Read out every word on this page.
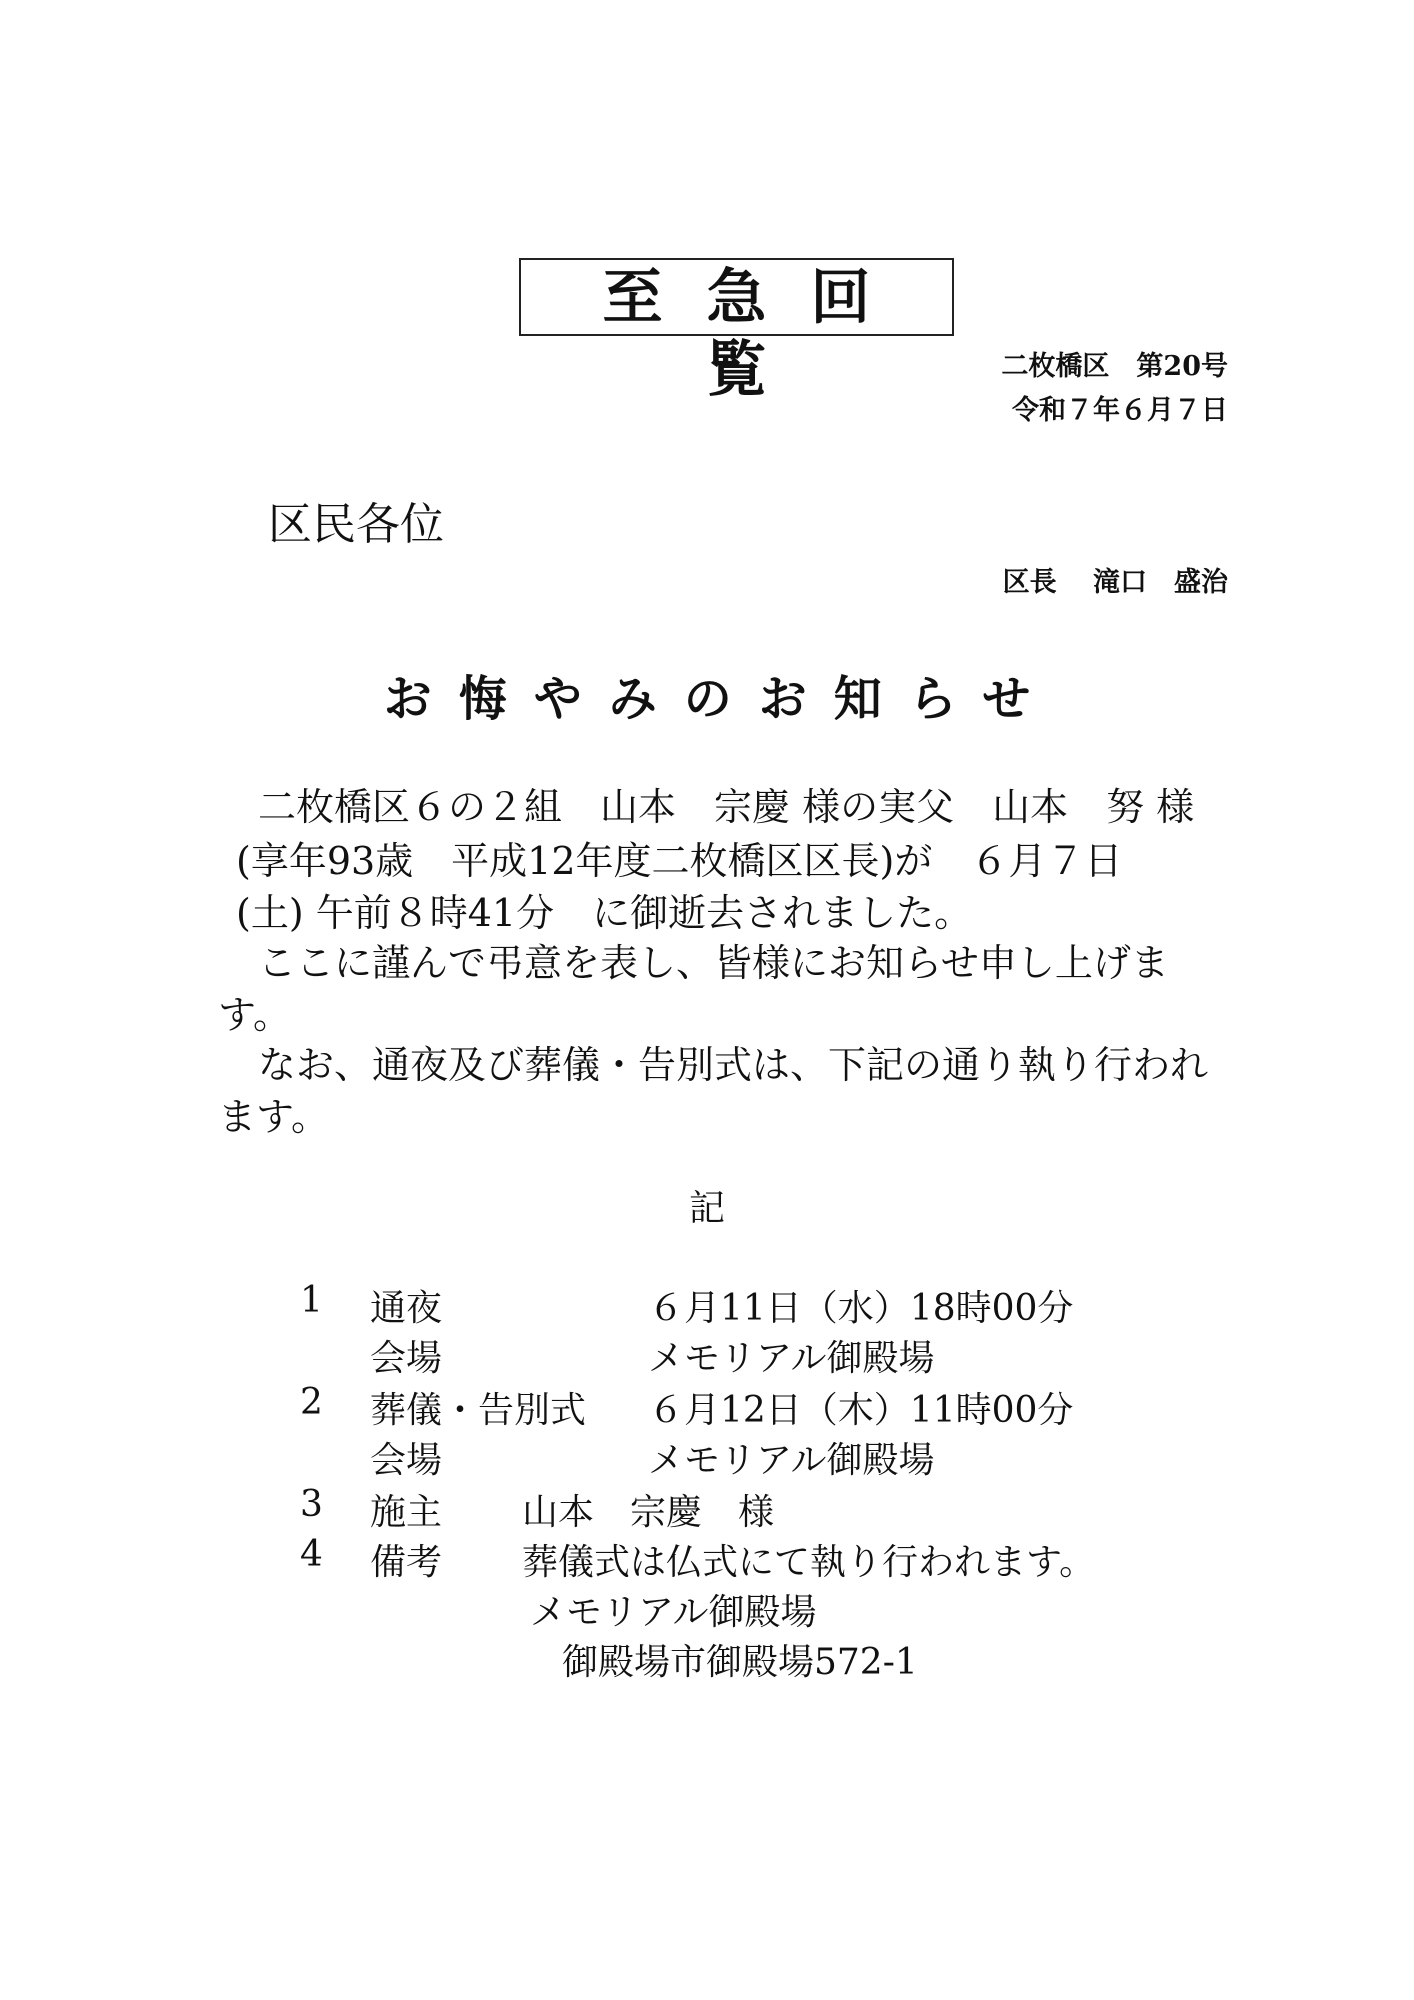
至急回覧	二枚橋区　第20号
令和７年６月７日
区民各位
区長　 滝口　盛治
お悔やみのお知らせ
二枚橋区６の２組　山本　宗慶 様の実父　山本　努 様
(享年93歳　平成12年度二枚橋区区長)が　６月７日
(土) 午前８時41分　に御逝去されました。
ここに謹んで弔意を表し、皆様にお知らせ申し上げま
す。
なお、通夜及び葬儀・告別式は、下記の通り執り行われ
ます。
記
1 通夜	６月11日（水）18時00分
会場	メモリアル御殿場
2 葬儀・告別式 ６月12日（木）11時00分
会場	メモリアル御殿場
3 施主 山本　宗慶　様
4 備考 葬儀式は仏式にて執り行われます。
メモリアル御殿場
御殿場市御殿場572-1
